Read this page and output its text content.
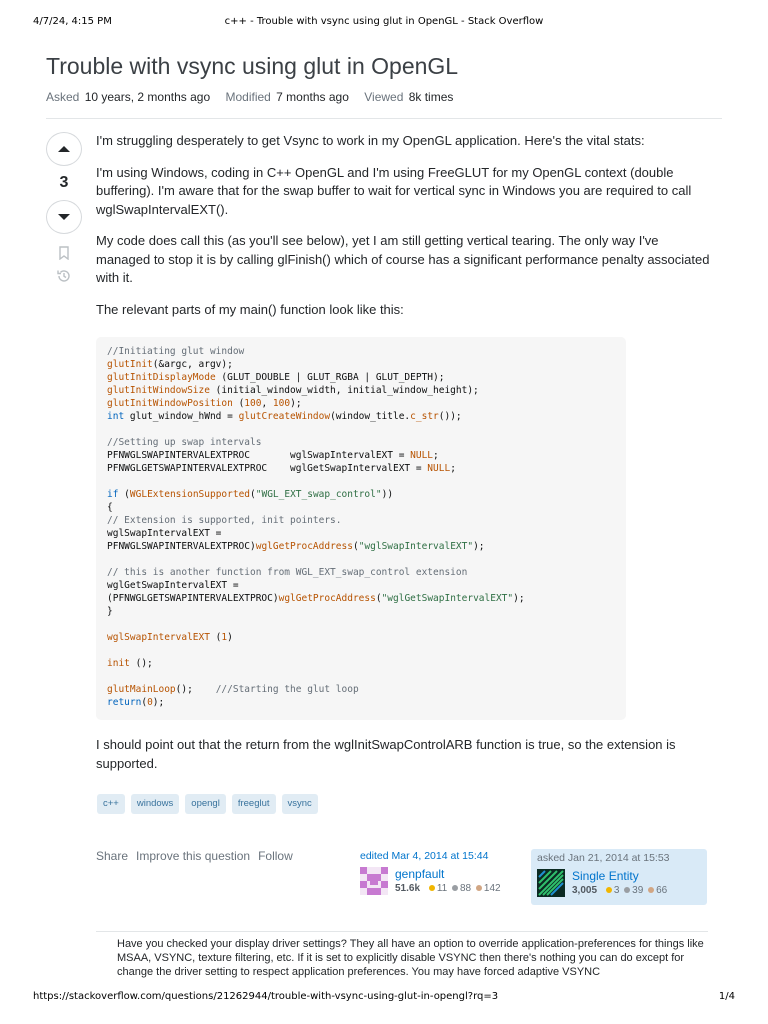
4/7/24, 4:15 PM	c++ - Trouble with vsync using glut in OpenGL - Stack Overflow
Trouble with vsync using glut in OpenGL
Asked 10 years, 2 months ago Modified 7 months ago Viewed 8k times
3

I'm struggling desperately to get Vsync to work in my OpenGL application. Here's the vital stats:

I'm using Windows, coding in C++ OpenGL and I'm using FreeGLUT for my OpenGL context (double buffering). I'm aware that for the swap buffer to wait for vertical sync in Windows you are required to call wglSwapIntervalEXT().

My code does call this (as you'll see below), yet I am still getting vertical tearing. The only way I've managed to stop it is by calling glFinish() which of course has a significant performance penalty associated with it.

The relevant parts of my main() function look like this:

//Initiating glut window
glutInit(&argc, argv);
glutInitDisplayMode (GLUT_DOUBLE | GLUT_RGBA | GLUT_DEPTH);
glutInitWindowSize (initial_window_width, initial_window_height);
glutInitWindowPosition (100, 100);
int glut_window_hWnd = glutCreateWindow(window_title.c_str());

//Setting up swap intervals
PFNWGLSWAPINTERVALEXTPROC       wglSwapIntervalEXT = NULL;
PFNWGLGETSWAPINTERVALEXTPROC    wglGetSwapIntervalEXT = NULL;

if (WGLExtensionSupported("WGL_EXT_swap_control"))
{
// Extension is supported, init pointers.
wglSwapIntervalEXT =
PFNWGLSWAPINTERVALEXTPROC)wglGetProcAddress("wglSwapIntervalEXT");

// this is another function from WGL_EXT_swap_control extension
wglGetSwapIntervalEXT =
(PFNWGLGETSWAPINTERVALEXTPROC)wglGetProcAddress("wglGetSwapIntervalEXT");
}

wglSwapIntervalEXT (1)

init ();

glutMainLoop();    ///Starting the glut loop
return(0);
I should point out that the return from the wglInitSwapControlARB function is true, so the extension is supported.
c++	windows	opengl	freeglut	vsync
Share Improve this question Follow	edited Mar 4, 2014 at 15:44
genpfault
51.6k 11 88 142
asked Jan 21, 2014 at 15:53
Single Entity
3,005 3 39 66
Have you checked your display driver settings? They all have an option to override application-preferences for things like MSAA, VSYNC, texture filtering, etc. If it is set to explicitly disable VSYNC then there's nothing you can do except for change the driver setting to respect application preferences. You may have forced adaptive VSYNC
https://stackoverflow.com/questions/21262944/trouble-with-vsync-using-glut-in-opengl?rq=3	1/4
